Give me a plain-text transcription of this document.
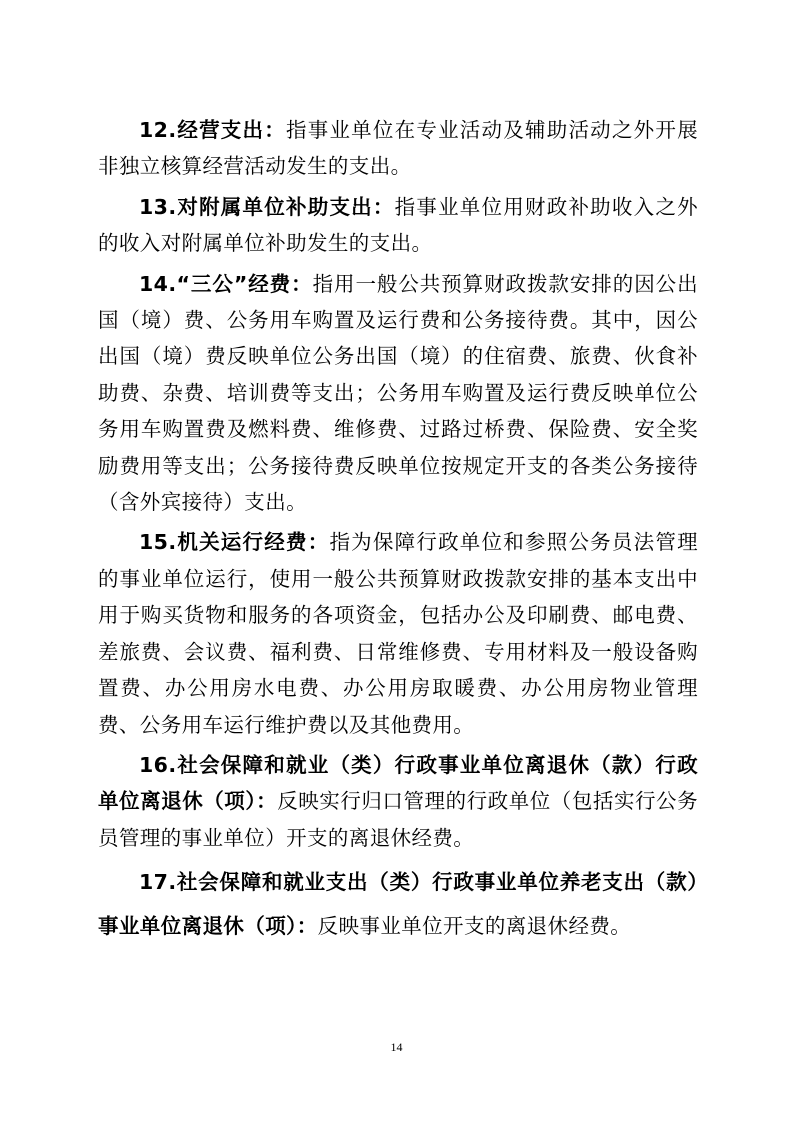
12.经营支出：指事业单位在专业活动及辅助活动之外开展非独立核算经营活动发生的支出。

13.对附属单位补助支出：指事业单位用财政补助收入之外的收入对附属单位补助发生的支出。

14.“三公”经费：指用一般公共预算财政拨款安排的因公出国（境）费、公务用车购置及运行费和公务接待费。其中，因公出国（境）费反映单位公务出国（境）的住宿费、旅费、伙食补助费、杂费、培训费等支出；公务用车购置及运行费反映单位公务用车购置费及燃料费、维修费、过路过桥费、保险费、安全奖励费用等支出；公务接待费反映单位按规定开支的各类公务接待（含外宾接待）支出。

15.机关运行经费：指为保障行政单位和参照公务员法管理的事业单位运行，使用一般公共预算财政拨款安排的基本支出中用于购买货物和服务的各项资金，包括办公及印刷费、邮电费、差旅费、会议费、福利费、日常维修费、专用材料及一般设备购置费、办公用房水电费、办公用房取暖费、办公用房物业管理费、公务用车运行维护费以及其他费用。

16.社会保障和就业（类）行政事业单位离退休（款）行政单位离退休（项）：反映实行归口管理的行政单位（包括实行公务员管理的事业单位）开支的离退休经费。

17.社会保障和就业支出（类）行政事业单位养老支出（款）事业单位离退休（项）：反映事业单位开支的离退休经费。

14
